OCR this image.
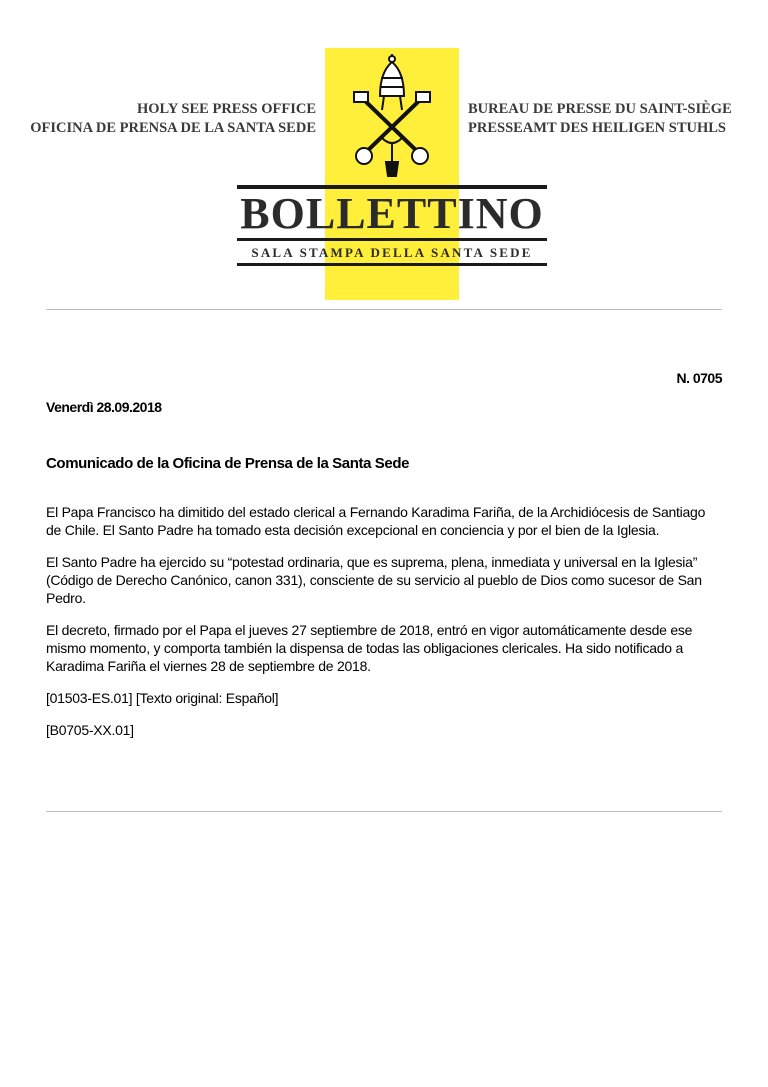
HOLY SEE PRESS OFFICE
OFICINA DE PRENSA DE LA SANTA SEDE
BUREAU DE PRESSE DU SAINT-SIÈGE
PRESSEAMT DES HEILIGEN STUHLS
BOLLETTINO
SALA STAMPA DELLA SANTA SEDE
N. 0705
Venerdì 28.09.2018
Comunicado de la Oficina de Prensa de la Santa Sede

El Papa Francisco ha dimitido del estado clerical a Fernando Karadima Fariña, de la Archidiócesis de Santiago de Chile. El Santo Padre ha tomado esta decisión excepcional en conciencia y por el bien de la Iglesia.

El Santo Padre ha ejercido su “potestad ordinaria, que es suprema, plena, inmediata y universal en la Iglesia” (Código de Derecho Canónico, canon 331), consciente de su servicio al pueblo de Dios como sucesor de San Pedro.

El decreto, firmado por el Papa el jueves 27 septiembre de 2018, entró en vigor automáticamente desde ese mismo momento, y comporta también la dispensa de todas las obligaciones clericales. Ha sido notificado a Karadima Fariña el viernes 28 de septiembre de 2018.

[01503-ES.01] [Texto original: Español]

[B0705-XX.01]
